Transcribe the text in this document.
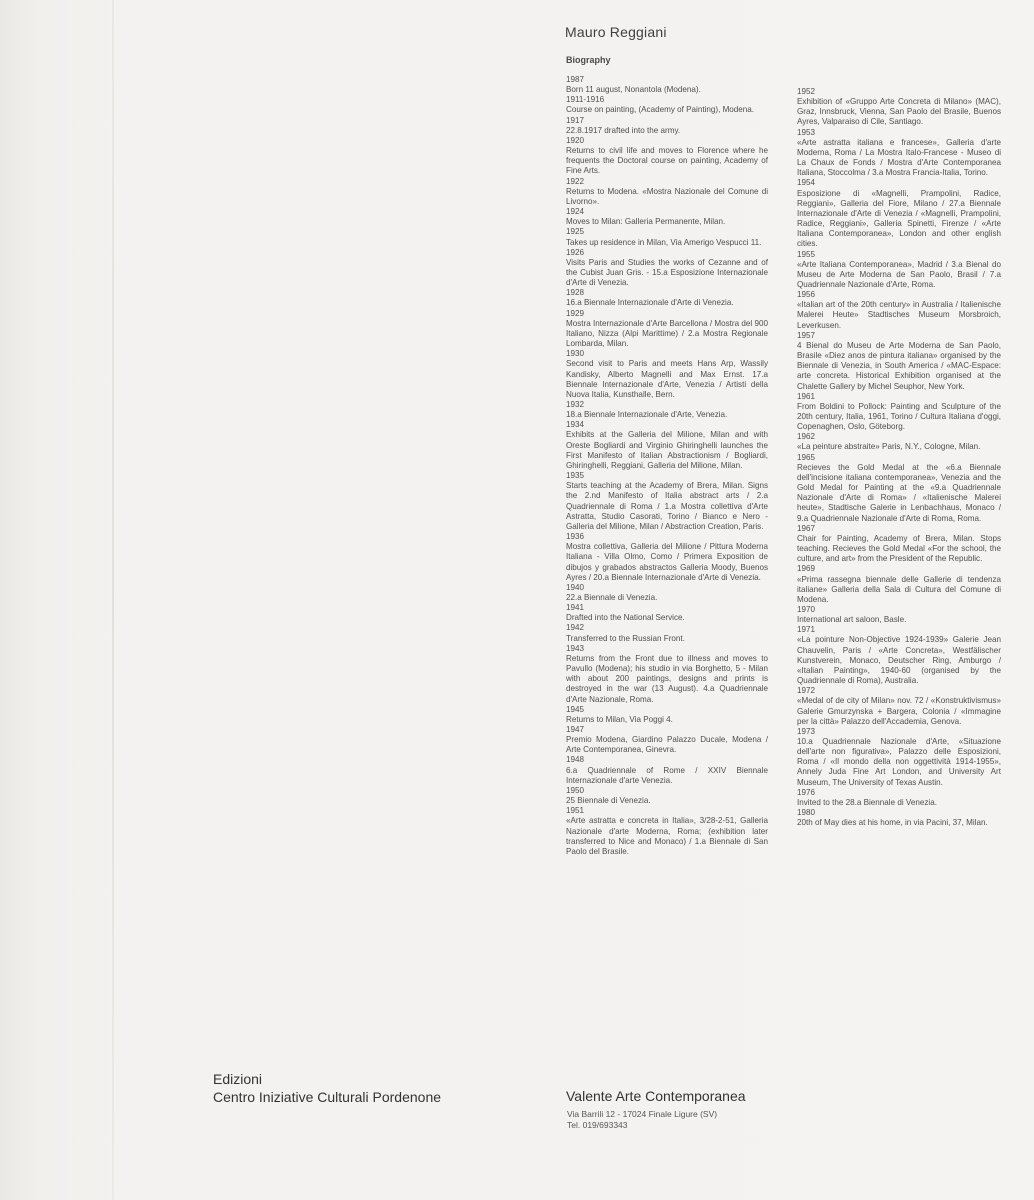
Mauro Reggiani
Biography
1987
Born 11 august, Nonantola (Modena).
1911-1916
Course on painting, (Academy of Painting), Modena.
1917
22.8.1917 drafted into the army.
1920
Returns to civil life and moves to Florence where he frequents the Doctoral course on painting, Academy of Fine Arts.
1922
Returns to Modena. «Mostra Nazionale del Comune di Livorno».
1924
Moves to Milan: Galleria Permanente, Milan.
1925
Takes up residence in Milan, Via Amerigo Vespucci 11.
1926
Visits Paris and Studies the works of Cezanne and of the Cubist Juan Gris. - 15.a Esposizione Internazionale d'Arte di Venezia.
1928
16.a Biennale Internazionale d'Arte di Venezia.
1929
Mostra Internazionale d'Arte Barcellona / Mostra del 900 Italiano, Nizza (Alpi Marittime) / 2.a Mostra Regionale Lombarda, Milan.
1930
Second visit to Paris and meets Hans Arp, Wassily Kandisky, Alberto Magnelli and Max Ernst. 17.a Biennale Internazionale d'Arte, Venezia / Artisti della Nuova Italia, Kunsthalle, Bern.
1932
18.a Biennale Internazionale d'Arte, Venezia.
1934
Exhibits at the Galleria del Milione, Milan and with Oreste Bogliardi and Virginio Ghiringhelli launches the First Manifesto of Italian Abstractionism / Bogliardi, Ghiringhelli, Reggiani, Galleria del Milione, Milan.
1935
Starts teaching at the Academy of Brera, Milan. Signs the 2.nd Manifesto of Italia abstract arts / 2.a Quadriennale di Roma / 1.a Mostra collettiva d'Arte Astratta, Studio Casorati, Torino / Bianco e Nero - Galleria del Milione, Milan / Abstraction Creation, Paris.
1936
Mostra collettiva, Galleria del Milione / Pittura Moderna Italiana - Villa Olmo, Como / Primera Exposition de dibujos y grabados abstractos Galleria Moody, Buenos Ayres / 20.a Biennale Internazionale d'Arte di Venezia.
1940
22.a Biennale di Venezia.
1941
Drafted into the National Service.
1942
Transferred to the Russian Front.
1943
Returns from the Front due to illness and moves to Pavullo (Modena); his studio in via Borghetto, 5 - Milan with about 200 paintings, designs and prints is destroyed in the war (13 August). 4.a Quadriennale d'Arte Nazionale, Roma.
1945
Returns to Milan, Via Poggi 4.
1947
Premio Modena, Giardino Palazzo Ducale, Modena / Arte Contemporanea, Ginevra.
1948
6.a Quadriennale of Rome / XXIV Biennale Internazionale d'arte Venezia.
1950
25 Biennale di Venezia.
1951
«Arte astratta e concreta in Italia», 3/28-2-51, Galleria Nazionale d'arte Moderna, Roma; (exhibition later transferred to Nice and Monaco) / 1.a Biennale di San Paolo del Brasile.
1952
Exhibition of «Gruppo Arte Concreta di Milano» (MAC), Graz, Innsbruck, Vienna, San Paolo del Brasile, Buenos Ayres, Valparaiso di Cile, Santiago.
1953
«Arte astratta italiana e francese», Galleria d'arte Moderna, Roma / La Mostra Italo-Francese - Museo di La Chaux de Fonds / Mostra d'Arte Contemporanea Italiana, Stoccolma / 3.a Mostra Francia-Italia, Torino.
1954
Esposizione di «Magnelli, Prampolini, Radice, Reggiani», Galleria del Fiore, Milano / 27.a Biennale Internazionale d'Arte di Venezia / «Magnelli, Prampolini, Radice, Reggiani», Galleria Spinetti, Firenze / «Arte Italiana Contemporanea», London and other english cities.
1955
«Arte Italiana Contemporanea», Madrid / 3.a Bienal do Museu de Arte Moderna de San Paolo, Brasil / 7.a Quadriennale Nazionale d'Arte, Roma.
1956
«Italian art of the 20th century» in Australia / Italienische Malerei Heute» Stadtisches Museum Morsbroich, Leverkusen.
1957
4 Bienal do Museu de Arte Moderna de San Paolo, Brasile «Diez anos de pintura italiana» organised by the Biennale di Venezia, in South America / «MAC-Espace: arte concreta. Historical Exhibition organised at the Chalette Gallery by Michel Seuphor, New York.
1961
From Boldini to Pollock: Painting and Sculpture of the 20th century, Italia, 1961, Torino / Cultura Italiana d'oggi, Copenaghen, Oslo, Göteborg.
1962
«La peinture abstraite» Paris, N.Y., Cologne, Milan.
1965
Recieves the Gold Medal at the «6.a Biennale dell'incisione italiana contemporanea», Venezia and the Gold Medal for Painting at the «9.a Quadriennale Nazionale d'Arte di Roma» / «Italienische Malerei heute», Stadtische Galerie in Lenbachhaus, Monaco / 9.a Quadriennale Nazionale d'Arte di Roma, Roma.
1967
Chair for Painting, Academy of Brera, Milan. Stops teaching. Recieves the Gold Medal «For the school, the culture, and art» from the President of the Republic.
1969
«Prima rassegna biennale delle Gallerie di tendenza italiane» Galleria della Sala di Cultura del Comune di Modena.
1970
International art saloon, Basle.
1971
«La pointure Non-Objective 1924-1939» Galerie Jean Chauvelin, Paris / «Arte Concreta», Westfälischer Kunstverein, Monaco, Deutscher Ring, Amburgo / «Italian Painting», 1940-60 (organised by the Quadriennale di Roma), Australia.
1972
«Medal of de city of Milan» nov. 72 / «Konstruktivismus» Galerie Gmurzynska + Bargera, Colonia / «Immagine per la città» Palazzo dell'Accademia, Genova.
1973
10.a Quadriennale Nazionale d'Arte, «Situazione dell'arte non figurativa», Palazzo delle Esposizioni, Roma / «Il mondo della non oggettività 1914-1955», Annely Juda Fine Art London, and University Art Museum, The University of Texas Austin.
1976
Invited to the 28.a Biennale di Venezia.
1980
20th of May dies at his home, in via Pacini, 37, Milan.
Edizioni
Centro Iniziative Culturali Pordenone	Valente Arte Contemporanea
Via Barrili 12 - 17024 Finale Ligure (SV)
Tel. 019/693343
